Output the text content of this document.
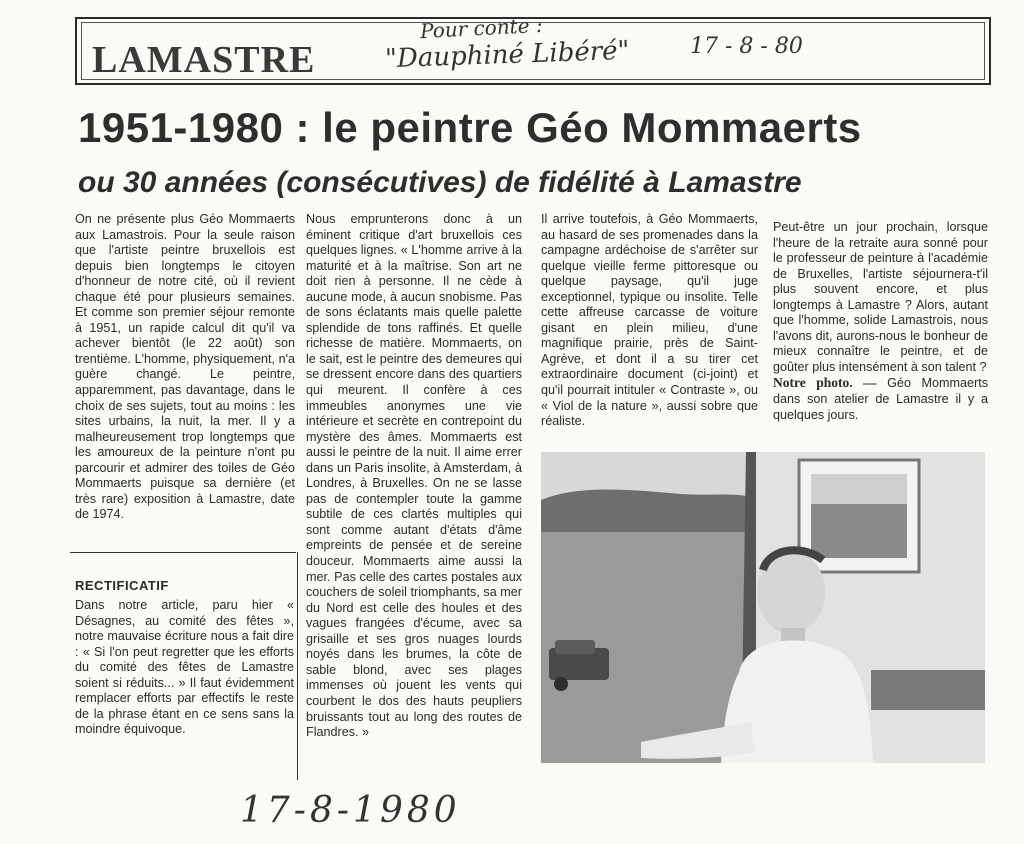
LAMASTRE
Pour conte :
"Dauphiné Libéré"	17 - 8 - 80
1951-1980 : le peintre Géo Mommaerts
ou 30 années (consécutives) de fidélité à Lamastre
On ne présente plus Géo Mommaerts aux Lamastrois. Pour la seule raison que l'artiste peintre bruxellois est depuis bien longtemps le citoyen d'honneur de notre cité, où il revient chaque été pour plusieurs semaines. Et comme son premier séjour remonte à 1951, un rapide calcul dit qu'il va achever bientôt (le 22 août) son trentième. L'homme, physiquement, n'a guère changé. Le peintre, apparemment, pas davantage, dans le choix de ses sujets, tout au moins : les sites urbains, la nuit, la mer. Il y a malheureusement trop longtemps que les amoureux de la peinture n'ont pu parcourir et admirer des toiles de Géo Mommaerts puisque sa dernière (et très rare) exposition à Lamastre, date de 1974.
Nous emprunterons donc à un éminent critique d'art bruxellois ces quelques lignes. « L'homme arrive à la maturité et à la maîtrise. Son art ne doit rien à personne. Il ne cède à aucune mode, à aucun snobisme. Pas de sons éclatants mais quelle palette splendide de tons raffinés. Et quelle richesse de matière. Mommaerts, on le sait, est le peintre des demeures qui se dressent encore dans des quartiers qui meurent. Il confère à ces immeubles anonymes une vie intérieure et secrète en contrepoint du mystère des âmes. Mommaerts est aussi le peintre de la nuit. Il aime errer dans un Paris insolite, à Amsterdam, à Londres, à Bruxelles. On ne se lasse pas de contempler toute la gamme subtile de ces clartés multiples qui sont comme autant d'états d'âme empreints de pensée et de sereine douceur. Mommaerts aime aussi la mer. Pas celle des cartes postales aux couchers de soleil triomphants, sa mer du Nord est celle des houles et des vagues frangées d'écume, avec sa grisaille et ses gros nuages lourds noyés dans les brumes, la côte de sable blond, avec ses plages immenses où jouent les vents qui courbent le dos des hauts peupliers bruissants tout au long des routes de Flandres. »
Il arrive toutefois, à Géo Mommaerts, au hasard de ses promenades dans la campagne ardéchoise de s'arrêter sur quelque vieille ferme pittoresque ou quelque paysage, qu'il juge exceptionnel, typique ou insolite. Telle cette affreuse carcasse de voiture gisant en plein milieu, d'une magnifique prairie, près de Saint-Agrève, et dont il a su tirer cet extraordinaire document (ci-joint) et qu'il pourrait intituler « Contraste », ou « Viol de la nature », aussi sobre que réaliste.
Peut-être un jour prochain, lorsque l'heure de la retraite aura sonné pour le professeur de peinture à l'académie de Bruxelles, l'artiste séjournera-t'il plus souvent encore, et plus longtemps à Lamastre ? Alors, autant que l'homme, solide Lamastrois, nous l'avons dit, aurons-nous le bonheur de mieux connaître le peintre, et de goûter plus intensément à son talent ?
Notre photo. — Géo Mommaerts dans son atelier de Lamastre il y a quelques jours.
RECTIFICATIF
Dans notre article, paru hier « Désagnes, au comité des fêtes », notre mauvaise écriture nous a fait dire : « Si l'on peut regretter que les efforts du comité des fêtes de Lamastre soient si réduits... » Il faut évidemment remplacer efforts par effectifs le reste de la phrase étant en ce sens sans la moindre équivoque.
17-8-1980
